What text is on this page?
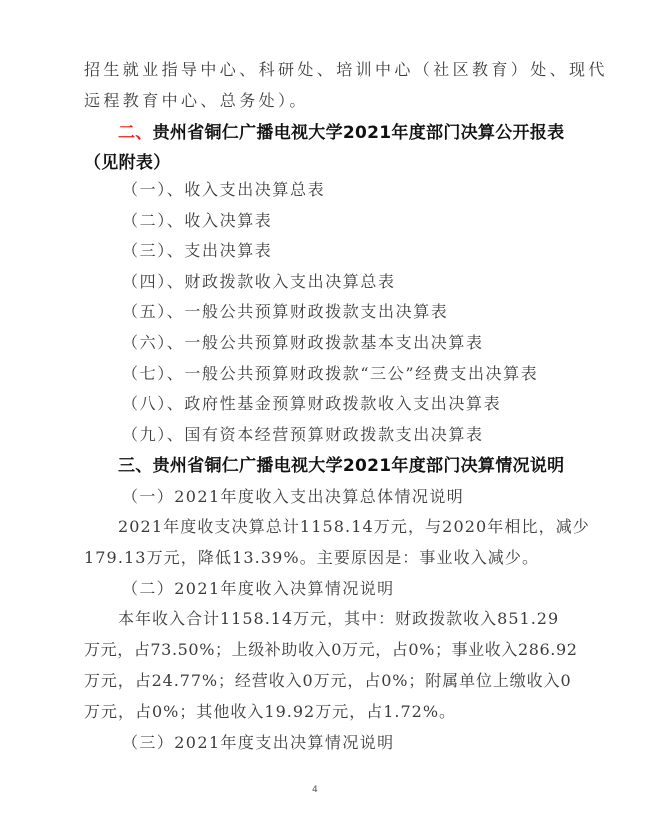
招生就业指导中心、科研处、培训中心（社区教育）处、现代
远程教育中心、总务处）。
二、贵州省铜仁广播电视大学2021年度部门决算公开报表
（见附表）
（一）、收入支出决算总表
（二）、收入决算表
（三）、支出决算表
（四）、财政拨款收入支出决算总表
（五）、一般公共预算财政拨款支出决算表
（六）、一般公共预算财政拨款基本支出决算表
（七）、一般公共预算财政拨款“三公”经费支出决算表
（八）、政府性基金预算财政拨款收入支出决算表
（九）、国有资本经营预算财政拨款支出决算表
三、贵州省铜仁广播电视大学2021年度部门决算情况说明
（一）2021年度收入支出决算总体情况说明
2021年度收支决算总计1158.14万元，与2020年相比，减少
179.13万元，降低13.39%。主要原因是：事业收入减少。
（二）2021年度收入决算情况说明
本年收入合计1158.14万元，其中：财政拨款收入851.29
万元，占73.50%；上级补助收入0万元，占0%；事业收入286.92
万元，占24.77%；经营收入0万元，占0%；附属单位上缴收入0
万元，占0%；其他收入19.92万元，占1.72%。
（三）2021年度支出决算情况说明
4
